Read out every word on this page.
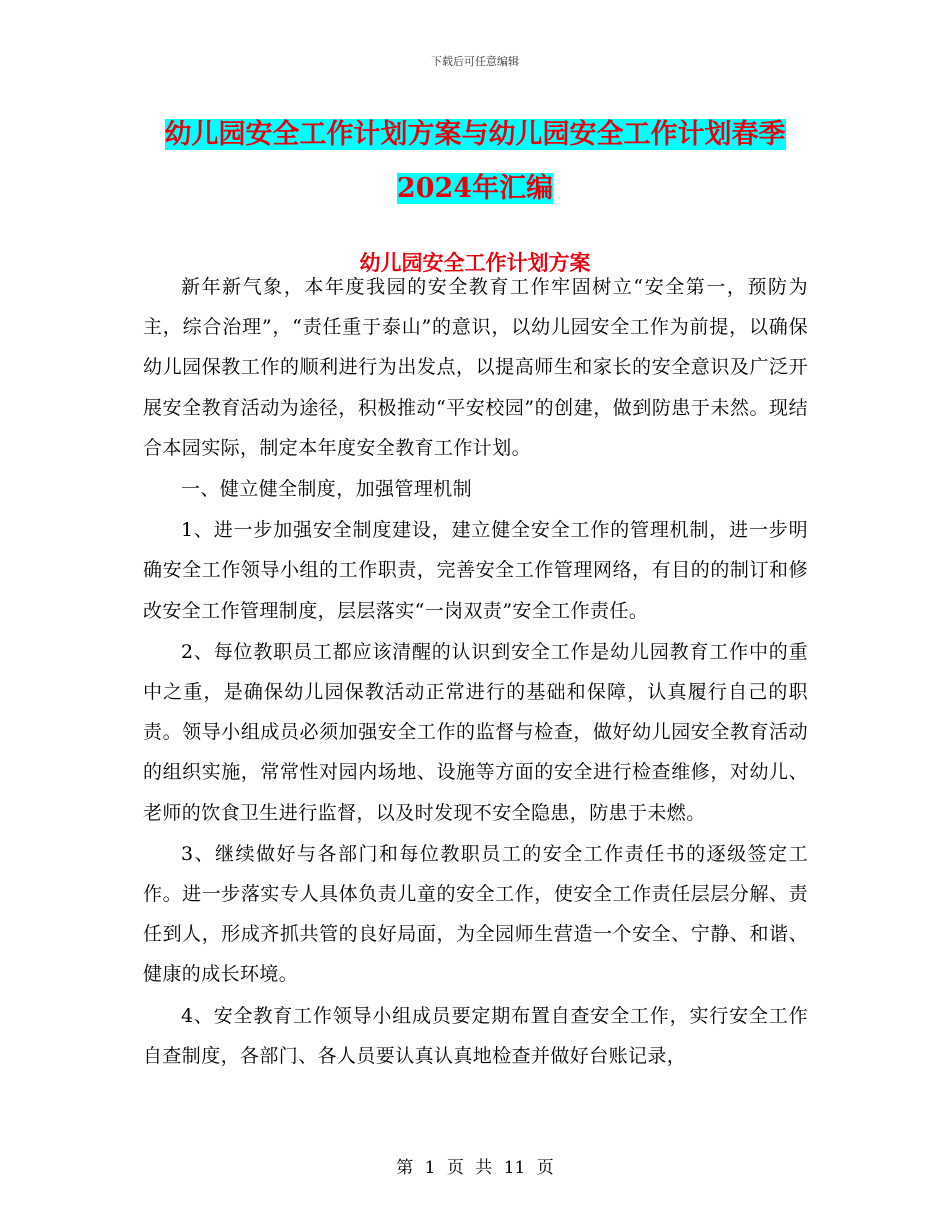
下载后可任意编辑
幼儿园安全工作计划方案与幼儿园安全工作计划春季
2024年汇编
幼儿园安全工作计划方案

新年新气象，本年度我园的安全教育工作牢固树立“安全第一，预防为主，综合治理”，“责任重于泰山”的意识，以幼儿园安全工作为前提，以确保幼儿园保教工作的顺利进行为出发点，以提高师生和家长的安全意识及广泛开展安全教育活动为途径，积极推动“平安校园”的创建，做到防患于未然。现结合本园实际，制定本年度安全教育工作计划。

一、健立健全制度，加强管理机制

1、进一步加强安全制度建设，建立健全安全工作的管理机制，进一步明确安全工作领导小组的工作职责，完善安全工作管理网络，有目的的制订和修改安全工作管理制度，层层落实“一岗双责”安全工作责任。

2、每位教职员工都应该清醒的认识到安全工作是幼儿园教育工作中的重中之重，是确保幼儿园保教活动正常进行的基础和保障，认真履行自己的职责。领导小组成员必须加强安全工作的监督与检查，做好幼儿园安全教育活动的组织实施，常常性对园内场地、设施等方面的安全进行检查维修，对幼儿、老师的饮食卫生进行监督，以及时发现不安全隐患，防患于未燃。

3、继续做好与各部门和每位教职员工的安全工作责任书的逐级签定工作。进一步落实专人具体负责儿童的安全工作，使安全工作责任层层分解、责任到人，形成齐抓共管的良好局面，为全园师生营造一个安全、宁静、和谐、健康的成长环境。

4、安全教育工作领导小组成员要定期布置自查安全工作，实行安全工作自查制度，各部门、各人员要认真认真地检查并做好台账记录，

第 1 页 共 11 页
